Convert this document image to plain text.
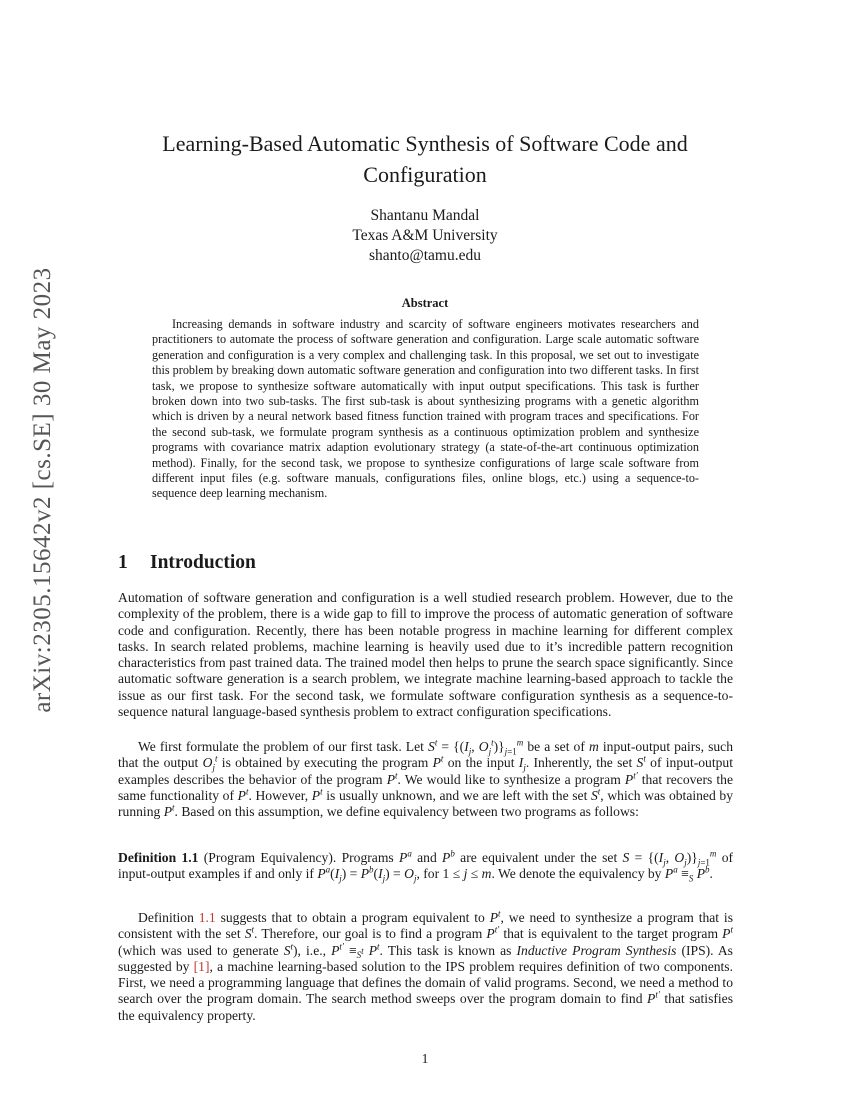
arXiv:2305.15642v2 [cs.SE] 30 May 2023
Learning-Based Automatic Synthesis of Software Code and
Configuration
Shantanu Mandal
Texas A&M University
shanto@tamu.edu
Abstract

Increasing demands in software industry and scarcity of software engineers motivates researchers and practitioners to automate the process of software generation and configuration. Large scale automatic software generation and configuration is a very complex and challenging task. In this proposal, we set out to investigate this problem by breaking down automatic software generation and configuration into two different tasks. In first task, we propose to synthesize software automatically with input output specifications. This task is further broken down into two sub-tasks. The first sub-task is about synthesizing programs with a genetic algorithm which is driven by a neural network based fitness function trained with program traces and specifications. For the second sub-task, we formulate program synthesis as a continuous optimization problem and synthesize programs with covariance matrix adaption evolutionary strategy (a state-of-the-art continuous optimization method). Finally, for the second task, we propose to synthesize configurations of large scale software from different input files (e.g. software manuals, configurations files, online blogs, etc.) using a sequence-to-sequence deep learning mechanism.

1 Introduction

Automation of software generation and configuration is a well studied research problem. However, due to the complexity of the problem, there is a wide gap to fill to improve the process of automatic generation of software code and configuration. Recently, there has been notable progress in machine learning for different complex tasks. In search related problems, machine learning is heavily used due to it’s incredible pattern recognition characteristics from past trained data. The trained model then helps to prune the search space significantly. Since automatic software generation is a search problem, we integrate machine learning-based approach to tackle the issue as our first task. For the second task, we formulate software configuration synthesis as a sequence-to-sequence natural language-based synthesis problem to extract configuration specifications.

We first formulate the problem of our first task. Let $S^t = \{(I_j$, $O_j^t)\}_{j=1}^m$ be a set of m input-output pairs, such that the output $O_j^t$ is obtained by executing the program $P^t$ on the input $I_j$. Inherently, the set $S^t$ of input-output examples describes the behavior of the program $P^t$. We would like to synthesize a program $P^{t'}$ that recovers the same functionality of $P^t$. However, $P^t$ is usually unknown, and we are left with the set $S^t$, which was obtained by running $P^t$. Based on this assumption, we define equivalency between two programs as follows:

Definition 1.1 (Program Equivalency). Programs $P^a$ and $P^b$ are equivalent under the set $S = \{(I_j$, $O_j)\}_{j=1}^m$ of input-output examples if and only if $P^a(I_j) = P^b(I_j) = O_j$, for 1 ≤ j ≤ m. We denote the equivalency by $P^a \equiv_S$ $P^b$.

Definition 1.1 suggests that to obtain a program equivalent to $P^t$, we need to synthesize a program that is consistent with the set $S^t$. Therefore, our goal is to find a program $P^{t'}$ that is equivalent to the target program $P^t$ (which was used to generate $S^t$), i.e., $P^{t'} \equiv_{S^t}$ $P^t$. This task is known as Inductive Program Synthesis (IPS). As suggested by [1], a machine learning-based solution to the IPS problem requires definition of two components. First, we need a programming language that defines the domain of valid programs. Second, we need a method to search over the program domain. The search method sweeps over the program domain to find $P^{t'}$ that satisfies the equivalency property.

1
